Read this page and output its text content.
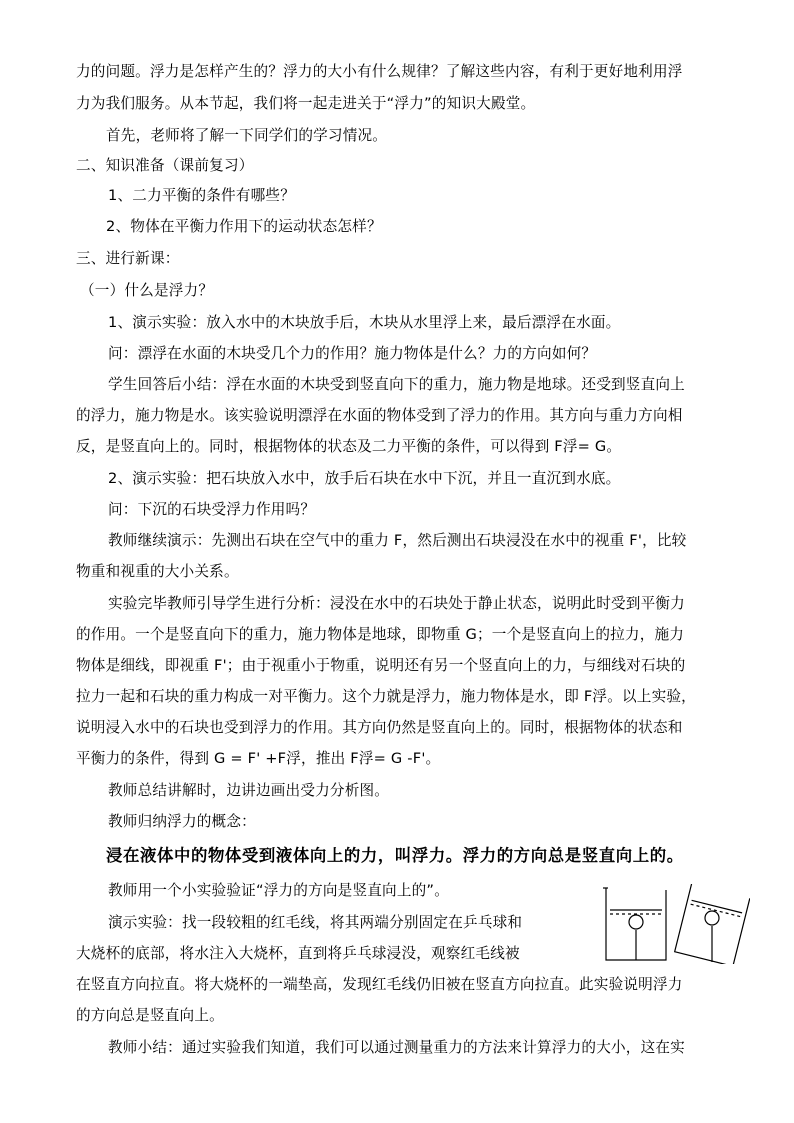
力的问题。浮力是怎样产生的？浮力的大小有什么规律？了解这些内容，有利于更好地利用浮
力为我们服务。从本节起，我们将一起走进关于“浮力”的知识大殿堂。
首先，老师将了解一下同学们的学习情况。
二、知识准备（课前复习）
1、二力平衡的条件有哪些？
2、物体在平衡力作用下的运动状态怎样？
三、进行新课：
（一）什么是浮力？
1、演示实验：放入水中的木块放手后，木块从水里浮上来，最后漂浮在水面。
问：漂浮在水面的木块受几个力的作用？施力物体是什么？力的方向如何？
学生回答后小结：浮在水面的木块受到竖直向下的重力，施力物是地球。还受到竖直向上
的浮力，施力物是水。该实验说明漂浮在水面的物体受到了浮力的作用。其方向与重力方向相
反，是竖直向上的。同时，根据物体的状态及二力平衡的条件，可以得到 F浮= G。
2、演示实验：把石块放入水中，放手后石块在水中下沉，并且一直沉到水底。
问：下沉的石块受浮力作用吗？
教师继续演示：先测出石块在空气中的重力 F，然后测出石块浸没在水中的视重 F'，比较
物重和视重的大小关系。
实验完毕教师引导学生进行分析：浸没在水中的石块处于静止状态，说明此时受到平衡力
的作用。一个是竖直向下的重力，施力物体是地球，即物重 G；一个是竖直向上的拉力，施力
物体是细线，即视重 F'；由于视重小于物重，说明还有另一个竖直向上的力，与细线对石块的
拉力一起和石块的重力构成一对平衡力。这个力就是浮力，施力物体是水，即 F浮。以上实验，
说明浸入水中的石块也受到浮力的作用。其方向仍然是竖直向上的。同时，根据物体的状态和
平衡力的条件，得到 G = F' +F浮，推出 F浮= G -F'。
教师总结讲解时，边讲边画出受力分析图。
教师归纳浮力的概念：
浸在液体中的物体受到液体向上的力，叫浮力。浮力的方向总是竖直向上的。
教师用一个小实验验证“浮力的方向是竖直向上的”。
演示实验：找一段较粗的红毛线，将其两端分别固定在乒乓球和
大烧杯的底部，将水注入大烧杯，直到将乒乓球浸没，观察红毛线被
在竖直方向拉直。将大烧杯的一端垫高，发现红毛线仍旧被在竖直方向拉直。此实验说明浮力
的方向总是竖直向上。
教师小结：通过实验我们知道，我们可以通过测量重力的方法来计算浮力的大小，这在实
